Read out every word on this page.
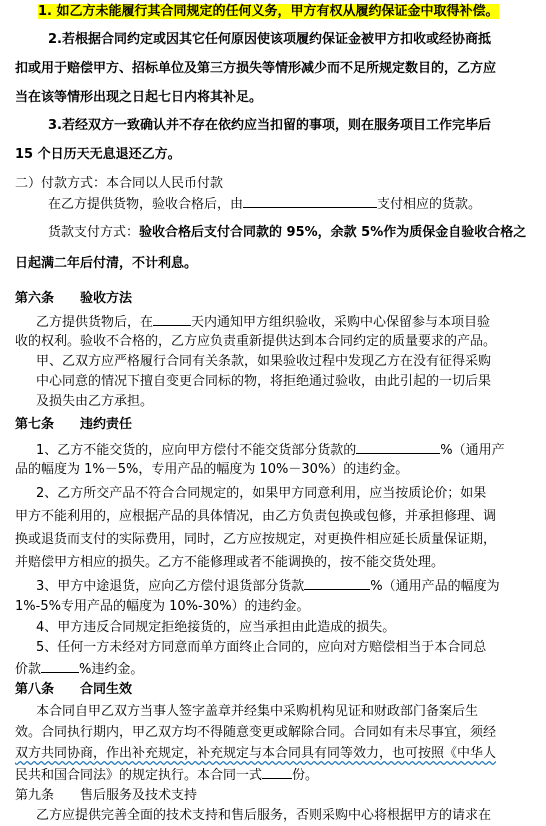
1. 如乙方未能履行其合同规定的任何义务，甲方有权从履约保证金中取得补偿。
2.若根据合同约定或因其它任何原因使该项履约保证金被甲方扣收或经协商抵
扣或用于赔偿甲方、招标单位及第三方损失等情形减少而不足所规定数目的，乙方应
当在该等情形出现之日起七日内将其补足。
3.若经双方一致确认并不存在依约应当扣留的事项，则在服务项目工作完毕后
15 个日历天无息退还乙方。
二）付款方式：本合同以人民币付款
在乙方提供货物，验收合格后，由	支付相应的货款。
货款支付方式：验收合格后支付合同款的 95%，余款 5%作为质保金自验收合格之
日起满二年后付清，不计利息。
第六条　　验收方法
乙方提供货物后，在	天内通知甲方组织验收，采购中心保留参与本项目验
收的权利。验收不合格的，乙方应负责重新提供达到本合同约定的质量要求的产品。
甲、乙双方应严格履行合同有关条款，如果验收过程中发现乙方在没有征得采购
中心同意的情况下擅自变更合同标的物，将拒绝通过验收，由此引起的一切后果
及损失由乙方承担。
第七条　　违约责任
1、乙方不能交货的，应向甲方偿付不能交货部分货款的	%（通用产
品的幅度为 1%－5%，专用产品的幅度为 10%－30%）的违约金。
2、乙方所交产品不符合合同规定的，如果甲方同意利用，应当按质论价；如果
甲方不能利用的，应根据产品的具体情况，由乙方负责包换或包修，并承担修理、调
换或退货而支付的实际费用，同时，乙方应按规定，对更换件相应延长质量保证期，
并赔偿甲方相应的损失。乙方不能修理或者不能调换的，按不能交货处理。
3、甲方中途退货，应向乙方偿付退货部分货款	%（通用产品的幅度为
1%-5%专用产品的幅度为 10%-30%）的违约金。
4、甲方违反合同规定拒绝接货的，应当承担由此造成的损失。
5、任何一方未经对方同意而单方面终止合同的，应向对方赔偿相当于本合同总
价款	%违约金。
第八条　　合同生效
本合同自甲乙双方当事人签字盖章并经集中采购机构见证和财政部门备案后生
效。合同执行期内，甲乙双方均不得随意变更或解除合同。合同如有未尽事宜，须经
双方共同协商，作出补充规定，补充规定与本合同具有同等效力，也可按照《中华人
民共和国合同法》的规定执行。本合同一式 份。
第九条　　售后服务及技术支持
乙方应提供完善全面的技术支持和售后服务，否则采购中心将根据甲方的请求在
